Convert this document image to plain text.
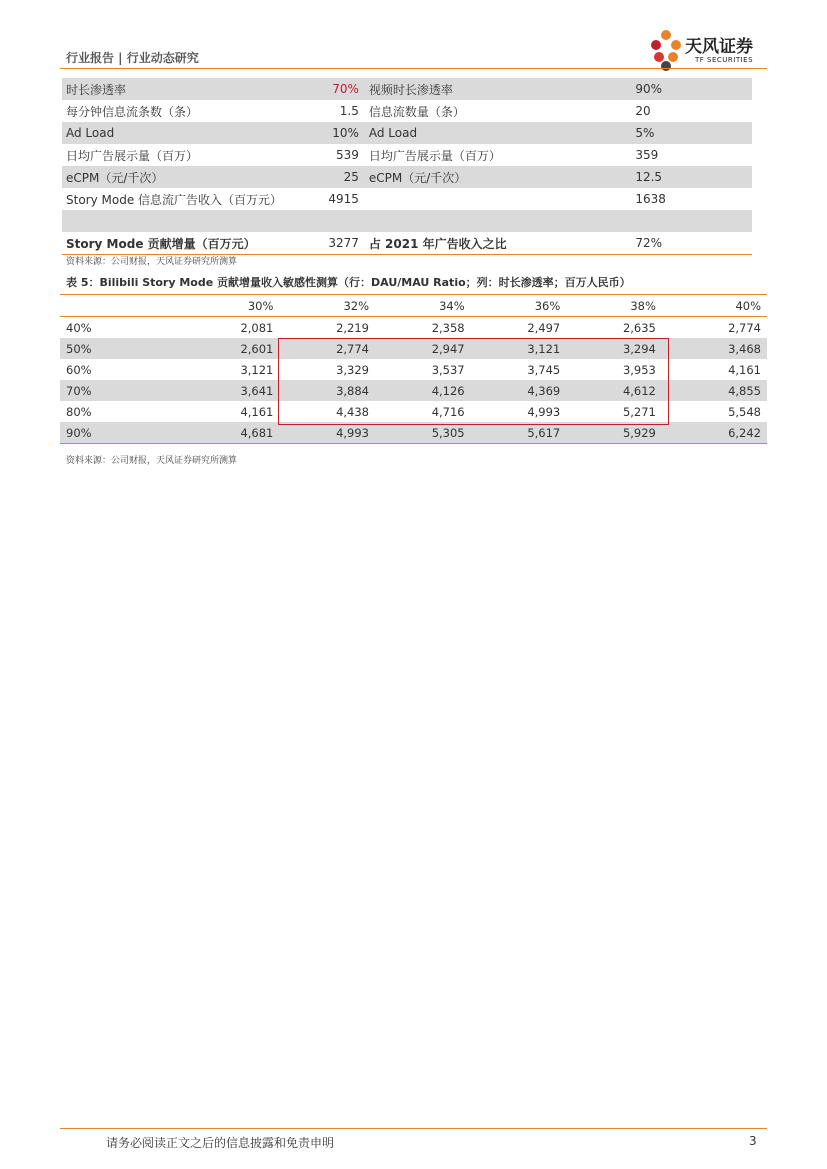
行业报告 | 行业动态研究
天风证券
TF SECURITIES
时长渗透率	70%	视频时长渗透率	90%
每分钟信息流条数（条）	1.5	信息流数量（条）	20
Ad Load	10%	Ad Load	5%
日均广告展示量（百万）	539	日均广告展示量（百万）	359
eCPM（元/千次）	25	eCPM（元/千次）	12.5
Story Mode 信息流广告收入（百万元）	4915		1638

Story Mode 贡献增量（百万元）	3277	占 2021 年广告收入之比	72%
资料来源：公司财报，天风证券研究所测算
表 5：Bilibili Story Mode 贡献增量收入敏感性测算（行：DAU/MAU Ratio；列：时长渗透率；百万人民币）
	30%	32%	34%	36%	38%	40%
40%	2,081	2,219	2,358	2,497	2,635	2,774
50%	2,601	2,774	2,947	3,121	3,294	3,468
60%	3,121	3,329	3,537	3,745	3,953	4,161
70%	3,641	3,884	4,126	4,369	4,612	4,855
80%	4,161	4,438	4,716	4,993	5,271	5,548
90%	4,681	4,993	5,305	5,617	5,929	6,242
资料来源：公司财报，天风证券研究所测算
请务必阅读正文之后的信息披露和免责申明	3
